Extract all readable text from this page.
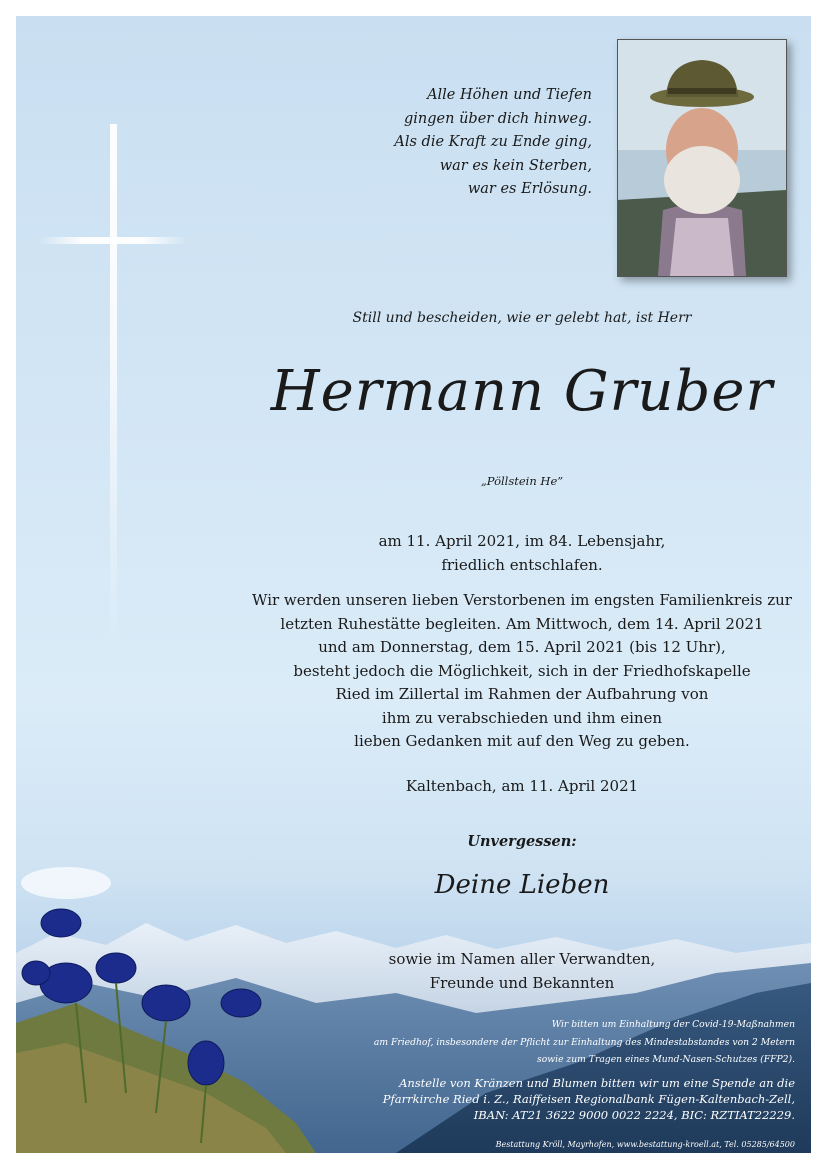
Alle Höhen und Tiefen
gingen über dich hinweg.
Als die Kraft zu Ende ging,
war es kein Sterben,
war es Erlösung.
Still und bescheiden, wie er gelebt hat, ist Herr
Hermann Gruber
„Pöllstein He”
am 11. April 2021, im 84. Lebensjahr,
friedlich entschlafen.
Wir werden unseren lieben Verstorbenen im engsten Familienkreis zur
letzten Ruhestätte begleiten. Am Mittwoch, dem 14. April 2021
und am Donnerstag, dem 15. April 2021 (bis 12 Uhr),
besteht jedoch die Möglichkeit, sich in der Friedhofskapelle
Ried im Zillertal im Rahmen der Aufbahrung von
ihm zu verabschieden und ihm einen
lieben Gedanken mit auf den Weg zu geben.
Kaltenbach, am 11. April 2021
Unvergessen:
Deine Lieben
sowie im Namen aller Verwandten,
Freunde und Bekannten
Wir bitten um Einhaltung der Covid-19-Maßnahmen
am Friedhof, insbesondere der Pflicht zur Einhaltung des Mindestabstandes von 2 Metern
sowie zum Tragen eines Mund-Nasen-Schutzes (FFP2).
Anstelle von Kränzen und Blumen bitten wir um eine Spende an die
Pfarrkirche Ried i. Z., Raiffeisen Regionalbank Fügen-Kaltenbach-Zell,
IBAN: AT21 3622 9000 0022 2224, BIC: RZTIAT22229.
Bestattung Kröll, Mayrhofen, www.bestattung-kroell.at, Tel. 05285/64500
